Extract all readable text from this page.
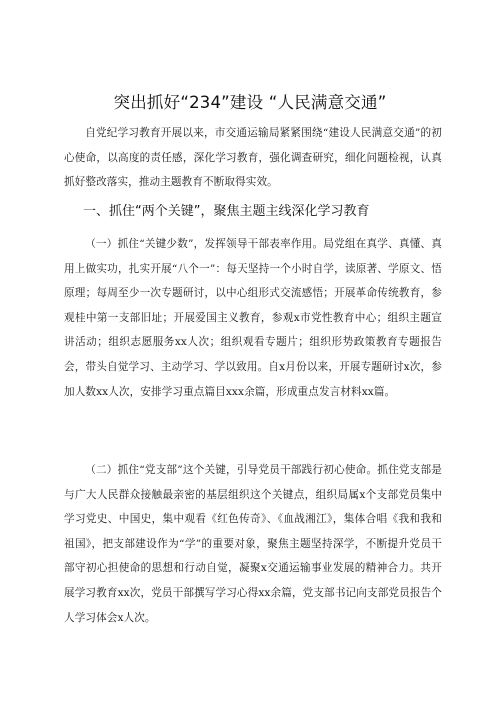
突出抓好“234”建设 “人民满意交通”

自党纪学习教育开展以来，市交通运输局紧紧围绕“建设人民满意交通”的初心使命，以高度的责任感，深化学习教育，强化调查研究，细化问题检视，认真抓好整改落实，推动主题教育不断取得实效。

一、抓住“两个关键”，聚焦主题主线深化学习教育

（一）抓住“关键少数”，发挥领导干部表率作用。局党组在真学、真懂、真用上做实功，扎实开展“八个一”：每天坚持一个小时自学，读原著、学原文、悟原理；每周至少一次专题研讨，以中心组形式交流感悟；开展革命传统教育，参观桂中第一支部旧址；开展爱国主义教育，参观x市党性教育中心；组织主题宣讲活动；组织志愿服务xx人次；组织观看专题片；组织形势政策教育专题报告会，带头自觉学习、主动学习、学以致用。自x月份以来，开展专题研讨x次，参加人数xx人次，安排学习重点篇目xxx余篇，形成重点发言材料xx篇。

（二）抓住“党支部”这个关键，引导党员干部践行初心使命。抓住党支部是与广大人民群众接触最亲密的基层组织这个关键点，组织局属x个支部党员集中学习党史、中国史，集中观看《红色传奇》、《血战湘江》，集体合唱《我和我和祖国》，把支部建设作为“学”的重要对象，聚焦主题坚持深学，不断提升党员干部守初心担使命的思想和行动自觉，凝聚x交通运输事业发展的精神合力。共开展学习教育xx次，党员干部撰写学习心得xx余篇，党支部书记向支部党员报告个人学习体会x人次。
